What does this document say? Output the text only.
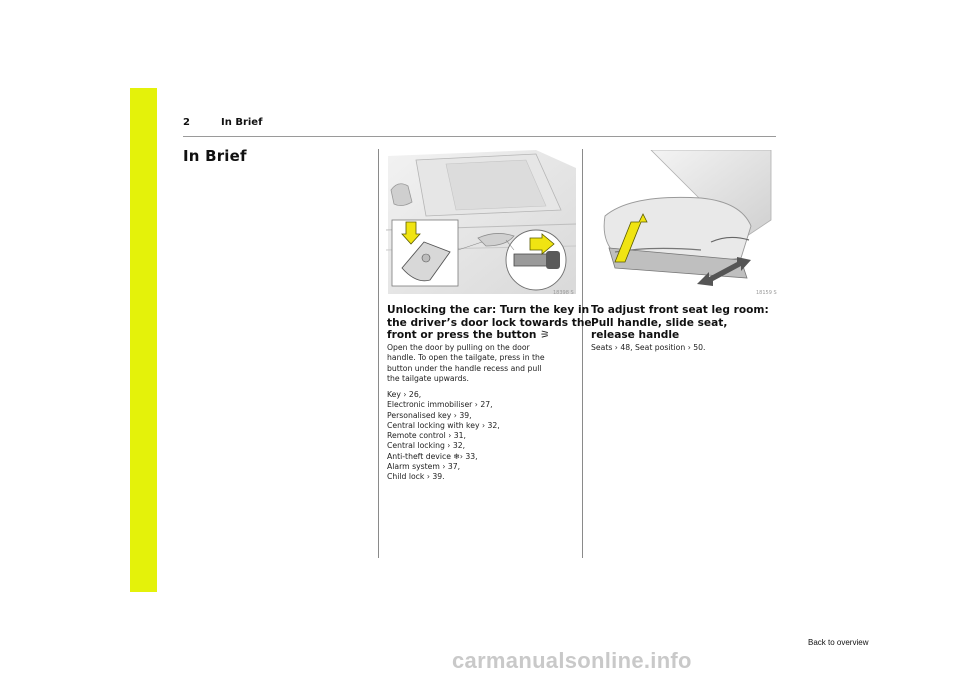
2	In Brief
In Brief
18398 S	18159 S
Unlocking the car: Turn the key in
the driver’s door lock towards the
front or press the button ⚞
Open the door by pulling on the door
handle. To open the tailgate, press in the
button under the handle recess and pull
the tailgate upwards.
Key › 26,
Electronic immobiliser › 27,
Personalised key › 39,
Central locking with key › 32,
Remote control › 31,
Central locking › 32,
Anti-theft device ❄› 33,
Alarm system › 37,
Child lock › 39.
To adjust front seat leg room:
Pull handle, slide seat,
release handle
Seats › 48, Seat position › 50.
Back to overview
carmanualsonline.info
